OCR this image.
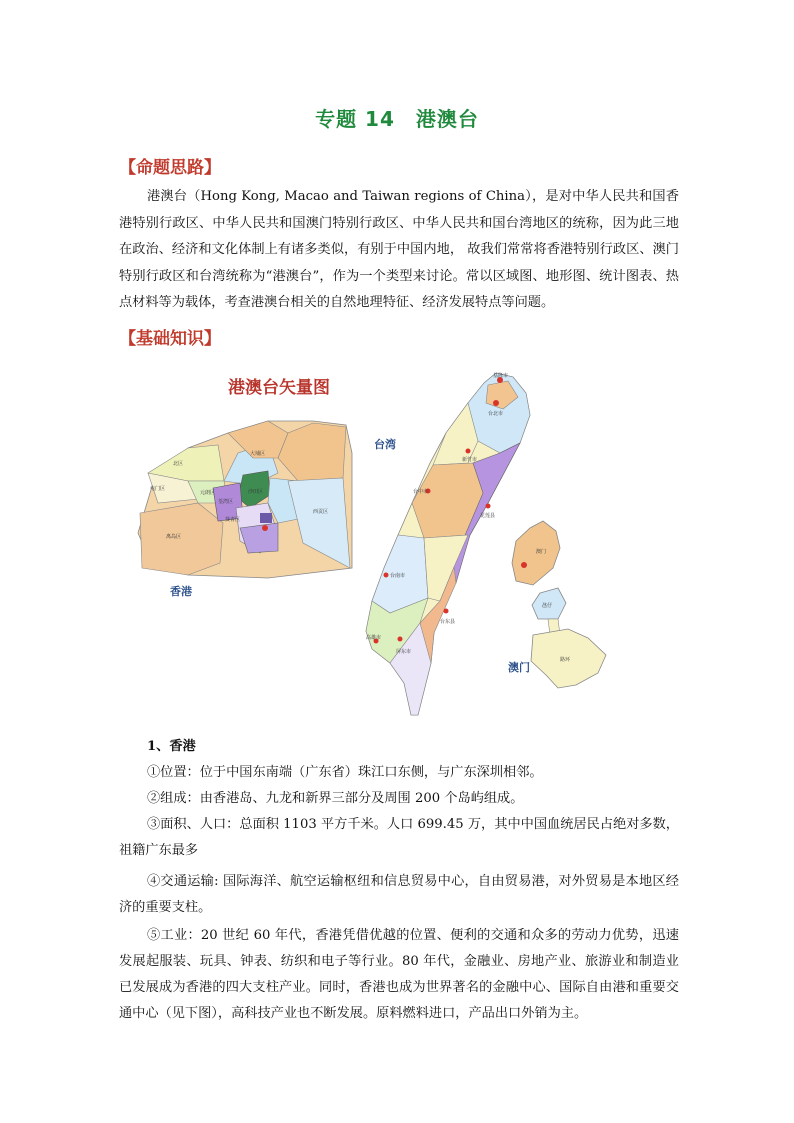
专题 14　港澳台
【命题思路】
港澳台（Hong Kong, Macao and Taiwan regions of China），是对中华人民共和国香港特别行政区、中华人民共和国澳门特别行政区、中华人民共和国台湾地区的统称，因为此三地在政治、经济和文化体制上有诸多类似，有别于中国内地， 故我们常常将香港特别行政区、澳门特别行政区和台湾统称为“港澳台”，作为一个类型来讨论。常以区域图、地形图、统计图表、热点材料等为载体，考查港澳台相关的自然地理特征、经济发展特点等问题。
【基础知识】
港澳台矢量图
北区
屯门区
元朗区
大埔区
沙田区
西贡区
离岛区
荃湾区
葵青区
香港
基隆市
台北市
新竹市
台中市
花莲县
台南市
台东县
高雄市
屏东市
台湾
澳门
氹仔
路环
澳门
1、香港
①位置：位于中国东南端（广东省）珠江口东侧，与广东深圳相邻。
②组成：由香港岛、九龙和新界三部分及周围 200 个岛屿组成。
③面积、人口：总面积 1103 平方千米。人口 699.45 万，其中中国血统居民占绝对多数，祖籍广东最多
④交通运输: 国际海洋、航空运输枢纽和信息贸易中心，自由贸易港，对外贸易是本地区经济的重要支柱。
⑤工业：20 世纪 60 年代，香港凭借优越的位置、便利的交通和众多的劳动力优势，迅速发展起服装、玩具、钟表、纺织和电子等行业。80 年代，金融业、房地产业、旅游业和制造业已发展成为香港的四大支柱产业。同时，香港也成为世界著名的金融中心、国际自由港和重要交通中心（见下图），高科技产业也不断发展。原料燃料进口，产品出口外销为主。
